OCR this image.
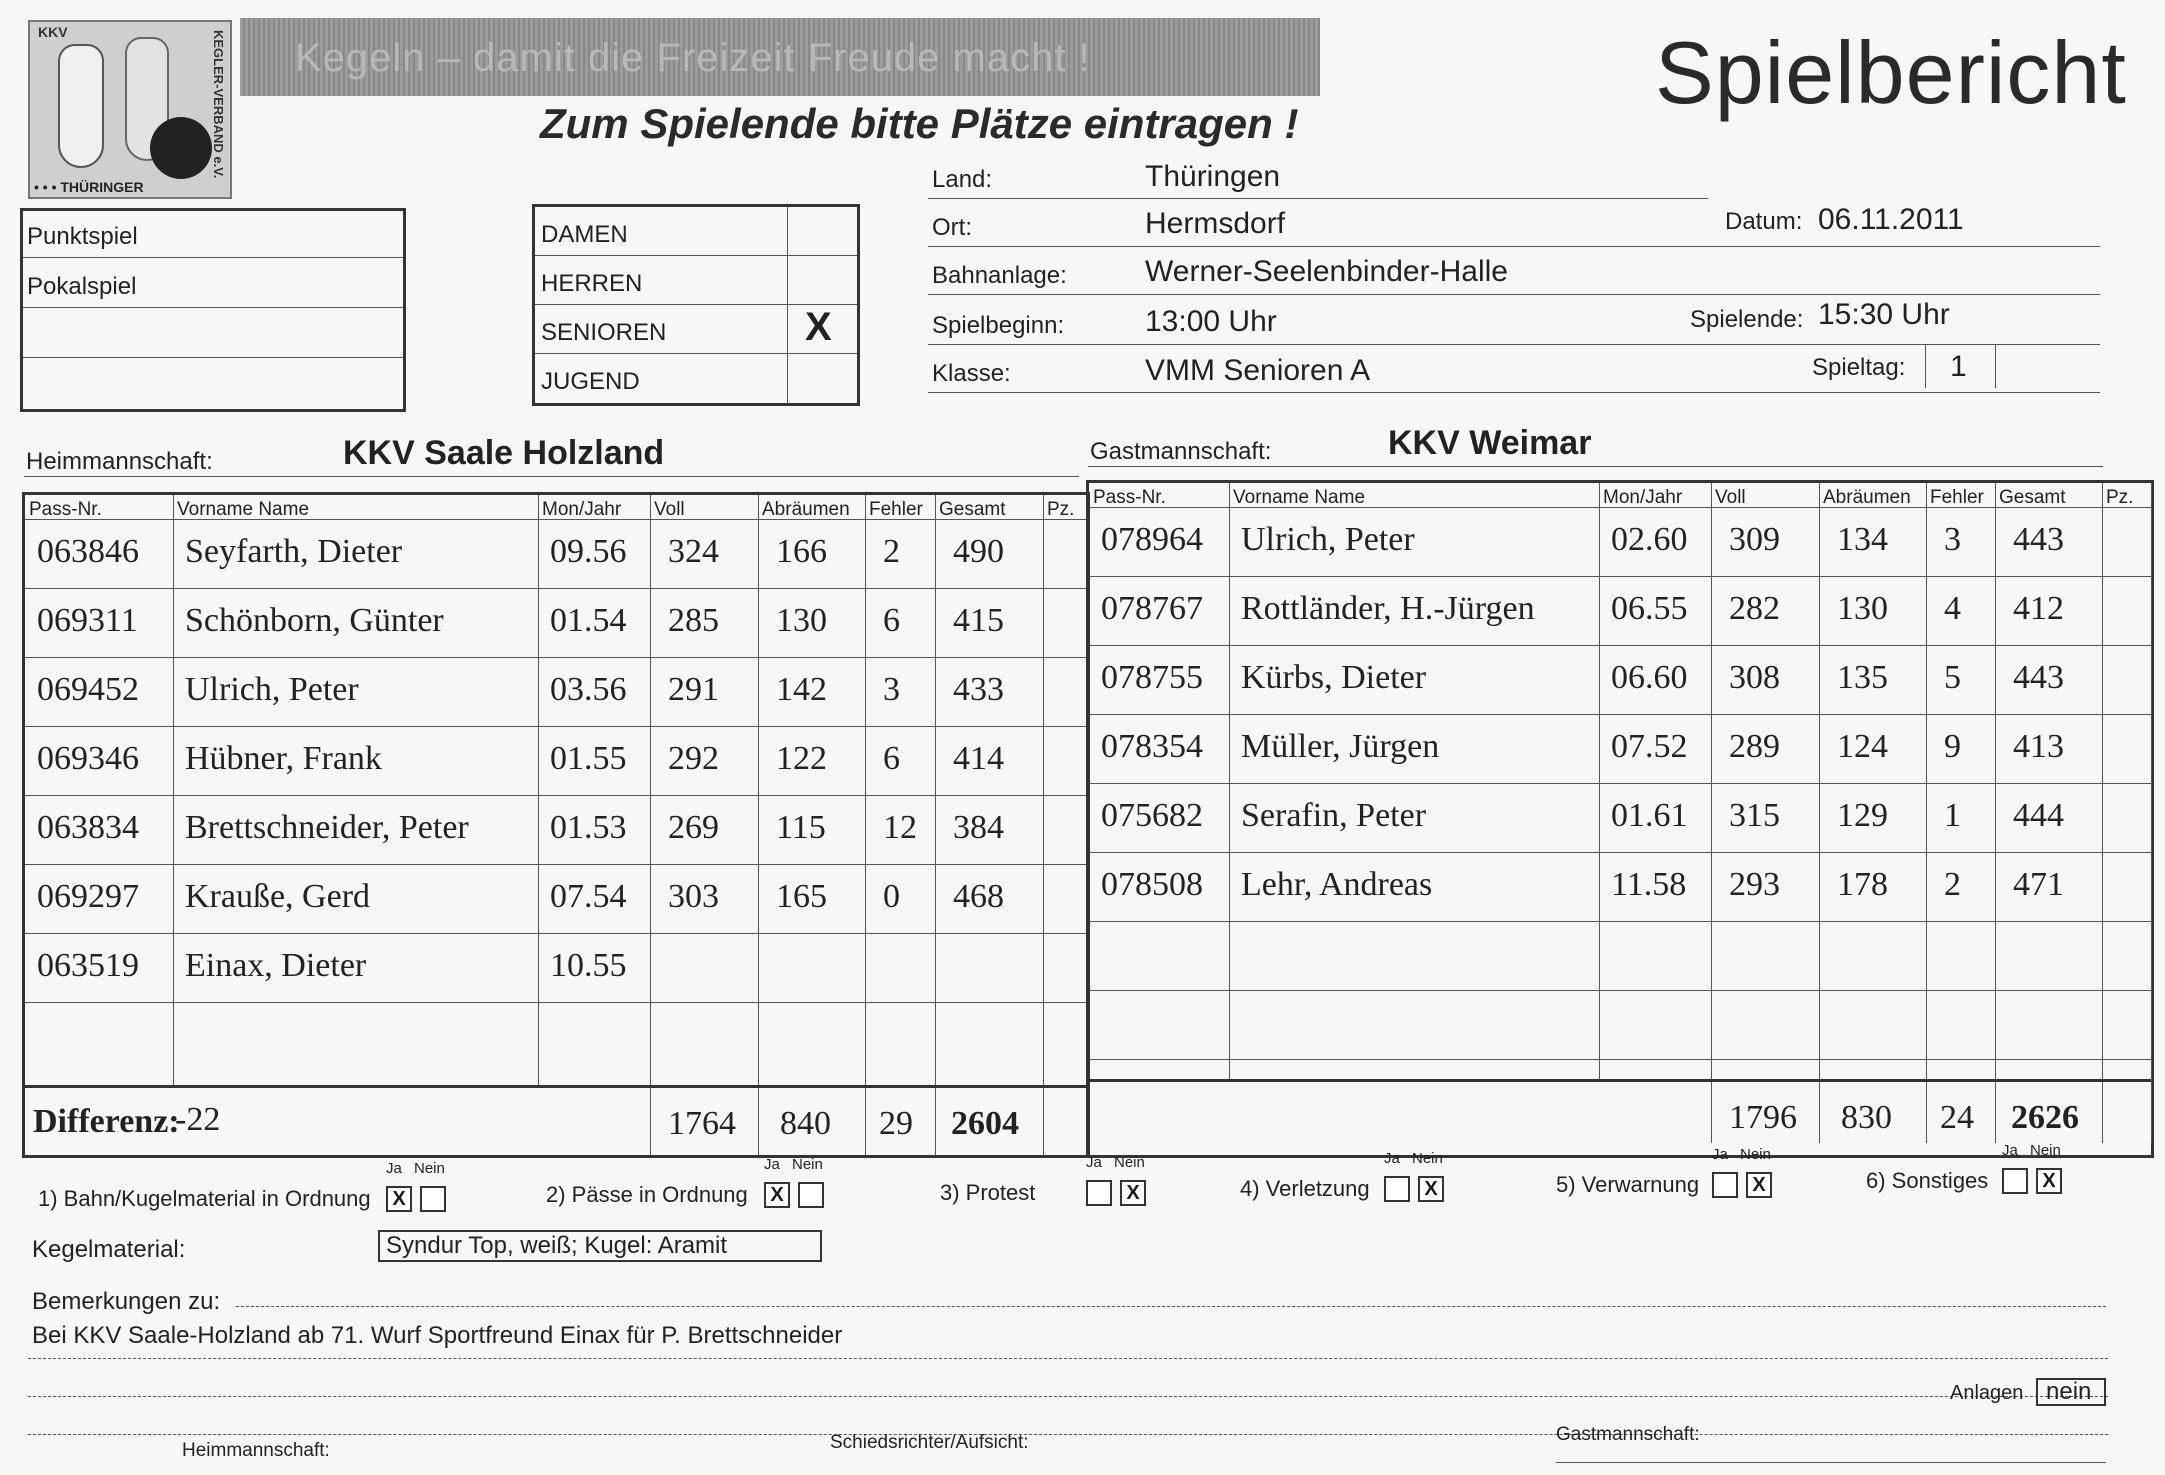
KKV	KEGLER-VERBAND e.V.
• • • THÜRINGER
Kegeln – damit die Freizeit Freude macht !
Zum Spielende bitte Plätze eintragen !
Spielbericht
Punktspiel
Pokalspiel
DAMEN
HERREN
SENIOREN
JUGEND
X
Land:	Thüringen
Ort:	Hermsdorf	Datum: 06.11.2011
Bahnanlage:	Werner-Seelenbinder-Halle
Spielbeginn:	13:00 Uhr	Spielende: 15:30 Uhr
Klasse:	VMM Senioren A	Spieltag: 1
Heimmannschaft:	KKV Saale Holzland	Gastmannschaft:	KKV Weimar
Pass-Nr.	Vorname Name	Mon/Jahr Voll	Abräumen Fehler Gesamt Pz.
063846 Seyfarth, Dieter	09.56 324 166 2 490
069311 Schönborn, Günter	01.54 285 130 6 415
069452 Ulrich, Peter	03.56 291 142 3 433
069346 Hübner, Frank	01.55 292 122 6 414
063834 Brettschneider, Peter 01.53 269 115 12 384
069297 Krauße, Gerd	07.54 303 165 0 468
063519 Einax, Dieter	10.55
1764 840 29 2604
Differenz:
-22
Pass-Nr.	Vorname Name	Mon/Jahr Voll	Abräumen Fehler Gesamt Pz.
078964 Ulrich, Peter	02.60 309 134 3 443
078767 Rottländer, H.-Jürgen 06.55 282 130 4 412
078755 Kürbs, Dieter	06.60 308 135 5 443
078354 Müller, Jürgen	07.52 289 124 9 413
075682 Serafin, Peter	01.61 315 129 1 444
078508 Lehr, Andreas	11.58 293 178 2 471
1796 830 24 2626
1) Bahn/Kugelmaterial in Ordnung
Ja Nein
X	2) Pässe in Ordnung
Ja Nein
X	3) Protest
Ja Nein
X	4) Verletzung
Ja Nein
X	5) Verwarnung
Ja Nein
X	6) Sonstiges
Ja Nein
X
Kegelmaterial:	Syndur Top, weiß; Kugel: Aramit
Bemerkungen zu:
Bei KKV Saale-Holzland ab 71. Wurf Sportfreund Einax für P. Brettschneider
Anlagen nein
Heimmannschaft:	Schiedsrichter/Aufsicht:	Gastmannschaft:
